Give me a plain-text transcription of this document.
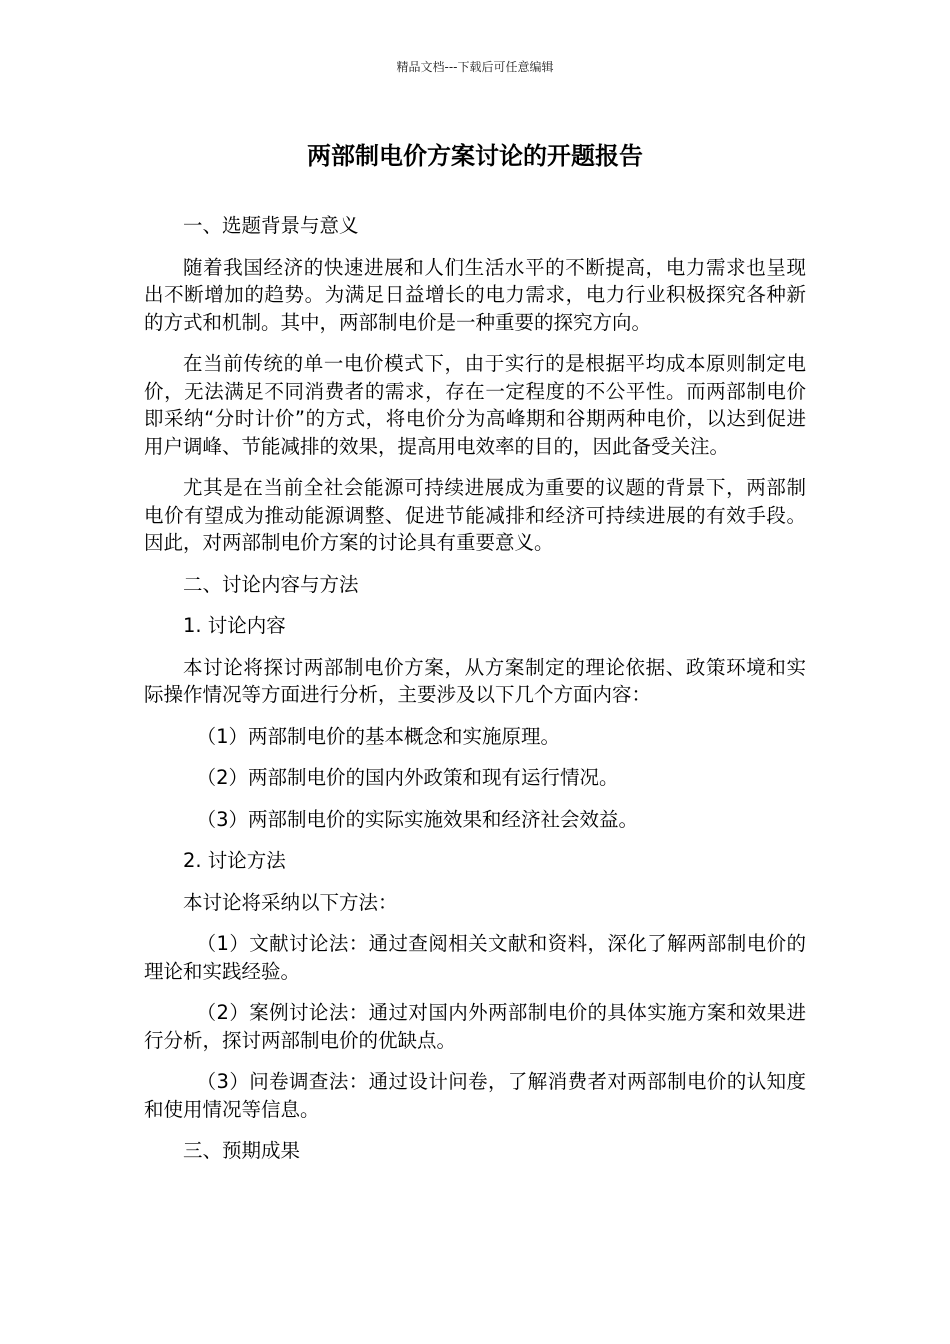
精品文档---下载后可任意编辑
两部制电价方案讨论的开题报告

一、选题背景与意义

随着我国经济的快速进展和人们生活水平的不断提高，电力需求也呈现出不断增加的趋势。为满足日益增长的电力需求，电力行业积极探究各种新的方式和机制。其中，两部制电价是一种重要的探究方向。

在当前传统的单一电价模式下，由于实行的是根据平均成本原则制定电价，无法满足不同消费者的需求，存在一定程度的不公平性。而两部制电价即采纳“分时计价”的方式，将电价分为高峰期和谷期两种电价，以达到促进用户调峰、节能减排的效果，提高用电效率的目的，因此备受关注。

尤其是在当前全社会能源可持续进展成为重要的议题的背景下，两部制电价有望成为推动能源调整、促进节能减排和经济可持续进展的有效手段。因此，对两部制电价方案的讨论具有重要意义。

二、讨论内容与方法

1. 讨论内容

本讨论将探讨两部制电价方案，从方案制定的理论依据、政策环境和实际操作情况等方面进行分析，主要涉及以下几个方面内容：

（1）两部制电价的基本概念和实施原理。

（2）两部制电价的国内外政策和现有运行情况。

（3）两部制电价的实际实施效果和经济社会效益。

2. 讨论方法

本讨论将采纳以下方法：

（1）文献讨论法：通过查阅相关文献和资料，深化了解两部制电价的理论和实践经验。

（2）案例讨论法：通过对国内外两部制电价的具体实施方案和效果进行分析，探讨两部制电价的优缺点。

（3）问卷调查法：通过设计问卷，了解消费者对两部制电价的认知度和使用情况等信息。

三、预期成果
